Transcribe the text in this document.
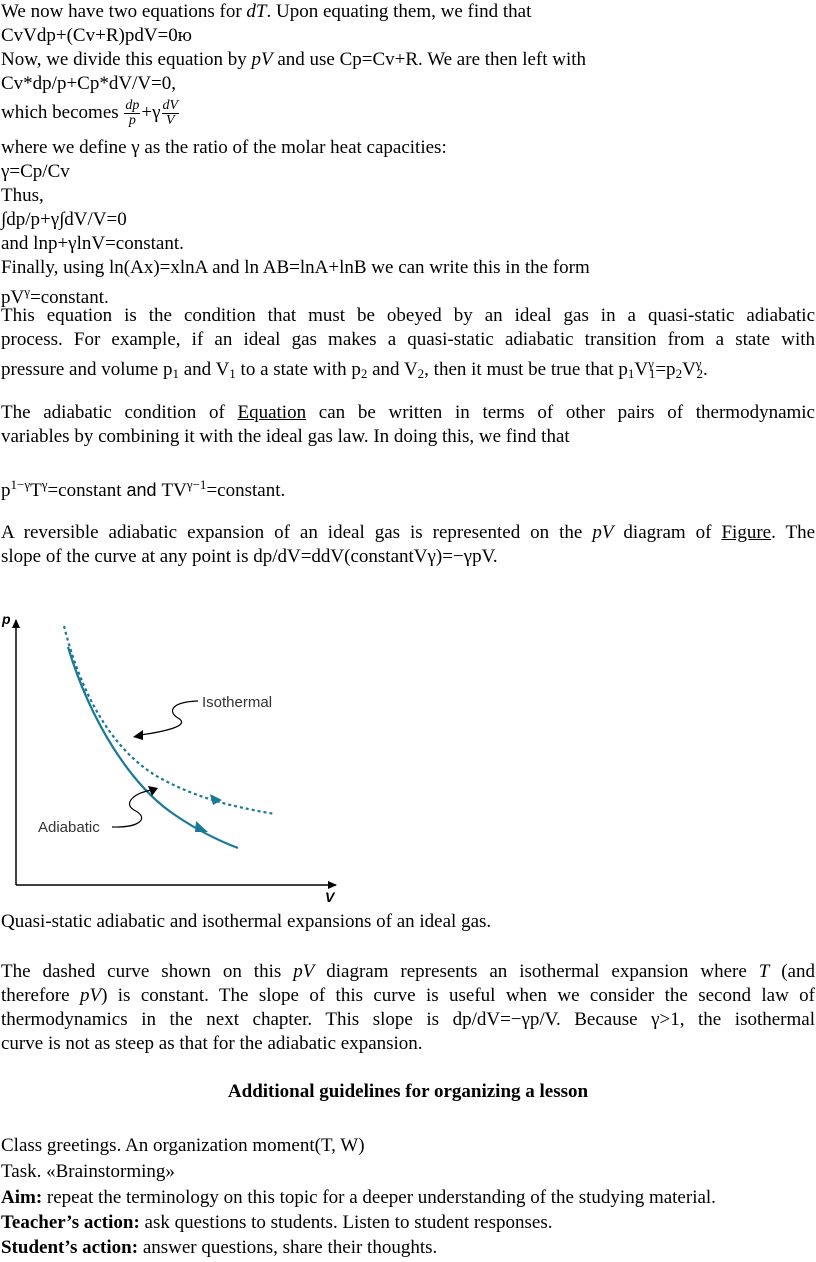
We now have two equations for dT. Upon equating them, we find that
CvVdp+(Cv+R)pdV=0ю
Now, we divide this equation by pV and use Cp=Cv+R. We are then left with
Cv*dp/p+Cp*dV/V=0,
which becomes $\frac{dp}{p} +\gamma \frac{dV}{V}$
where we define γ as the ratio of the molar heat capacities:
γ=Cp/Cv
Thus,
∫dp/p+γ∫dV/V=0
and lnp+γlnV=constant.
Finally, using ln(Ax)=xlnA and ln AB=lnA+lnB we can write this in the form
$pV^\gamma=constant$.
This equation is the condition that must be obeyed by an ideal gas in a quasi-static adiabatic
process. For example, if an ideal gas makes a quasi-static adiabatic transition from a state with
pressure and volume $p_1$ and $V_1$ to a state with $p_2$ and $V_2$, then it must be true that $p_1V^\gamma_1=p_2V^\gamma_2$.
The adiabatic condition of Equation can be written in terms of other pairs of thermodynamic
variables by combining it with the ideal gas law. In doing this, we find that
$p^{1-\gamma}T^\gamma=constant$ and $TV^{\gamma-1}=constant$.
A reversible adiabatic expansion of an ideal gas is represented on the pV diagram of Figure. The
slope of the curve at any point is dp/dV=ddV(constantVγ)=−γpV.
p
V
Isothermal
Adiabatic
Quasi-static adiabatic and isothermal expansions of an ideal gas.
The dashed curve shown on this pV diagram represents an isothermal expansion where T (and
therefore pV) is constant. The slope of this curve is useful when we consider the second law of
thermodynamics in the next chapter. This slope is dp/dV=−γp/V. Because γ>1, the isothermal
curve is not as steep as that for the adiabatic expansion.
Additional guidelines for organizing a lesson
Class greetings. An organization moment(T, W)
Task. «Brainstorming»
Aim: repeat the terminology on this topic for a deeper understanding of the studying material.
Teacher’s action: ask questions to students. Listen to student responses.
Student’s action: answer questions, share their thoughts.
